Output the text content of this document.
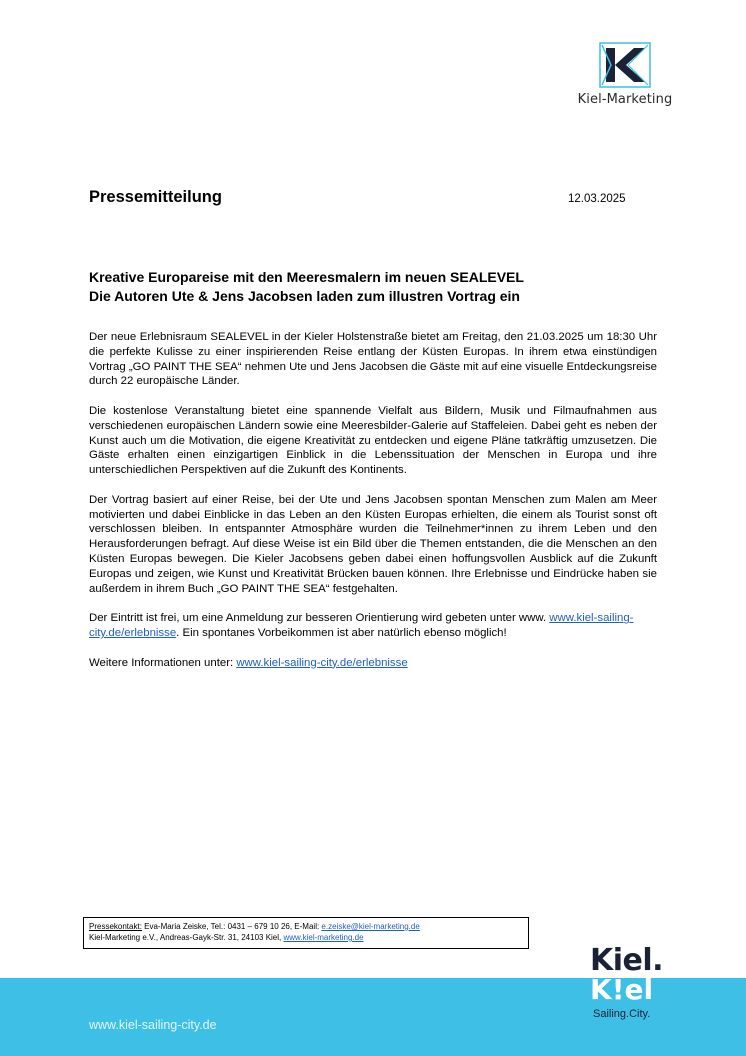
Kiel-Marketing
Pressemitteilung	12.03.2025
Kreative Europareise mit den Meeresmalern im neuen SEALEVEL
Die Autoren Ute & Jens Jacobsen laden zum illustren Vortrag ein

Der neue Erlebnisraum SEALEVEL in der Kieler Holstenstraße bietet am Freitag, den 21.03.2025 um 18:30 Uhr die perfekte Kulisse zu einer inspirierenden Reise entlang der Küsten Europas. In ihrem etwa einstündigen Vortrag „GO PAINT THE SEA“ nehmen Ute und Jens Jacobsen die Gäste mit auf eine visuelle Entdeckungsreise durch 22 europäische Länder.

Die kostenlose Veranstaltung bietet eine spannende Vielfalt aus Bildern, Musik und Filmaufnahmen aus verschiedenen europäischen Ländern sowie eine Meeresbilder-Galerie auf Staffeleien. Dabei geht es neben der Kunst auch um die Motivation, die eigene Kreativität zu entdecken und eigene Pläne tatkräftig umzusetzen. Die Gäste erhalten einen einzigartigen Einblick in die Lebenssituation der Menschen in Europa und ihre unterschiedlichen Perspektiven auf die Zukunft des Kontinents.

Der Vortrag basiert auf einer Reise, bei der Ute und Jens Jacobsen spontan Menschen zum Malen am Meer motivierten und dabei Einblicke in das Leben an den Küsten Europas erhielten, die einem als Tourist sonst oft verschlossen bleiben. In entspannter Atmosphäre wurden die Teilnehmer*innen zu ihrem Leben und den Herausforderungen befragt. Auf diese Weise ist ein Bild über die Themen entstanden, die die Menschen an den Küsten Europas bewegen. Die Kieler Jacobsens geben dabei einen hoffungsvollen Ausblick auf die Zukunft Europas und zeigen, wie Kunst und Kreativität Brücken bauen können. Ihre Erlebnisse und Eindrücke haben sie außerdem in ihrem Buch „GO PAINT THE SEA“ festgehalten.

Der Eintritt ist frei, um eine Anmeldung zur besseren Orientierung wird gebeten unter www. www.kiel-sailing-city.de/erlebnisse. Ein spontanes Vorbeikommen ist aber natürlich ebenso möglich!

Weitere Informationen unter: www.kiel-sailing-city.de/erlebnisse

Pressekontakt: Eva-Maria Zeiske, Tel.: 0431 – 679 10 26, E-Mail: e.zeiske@kiel-marketing.de
Kiel-Marketing e.V., Andreas-Gayk-Str. 31, 24103 Kiel, www.kiel-marketing.de
www.kiel-sailing-city.de
Kiel.
K!el
Sailing.City.
